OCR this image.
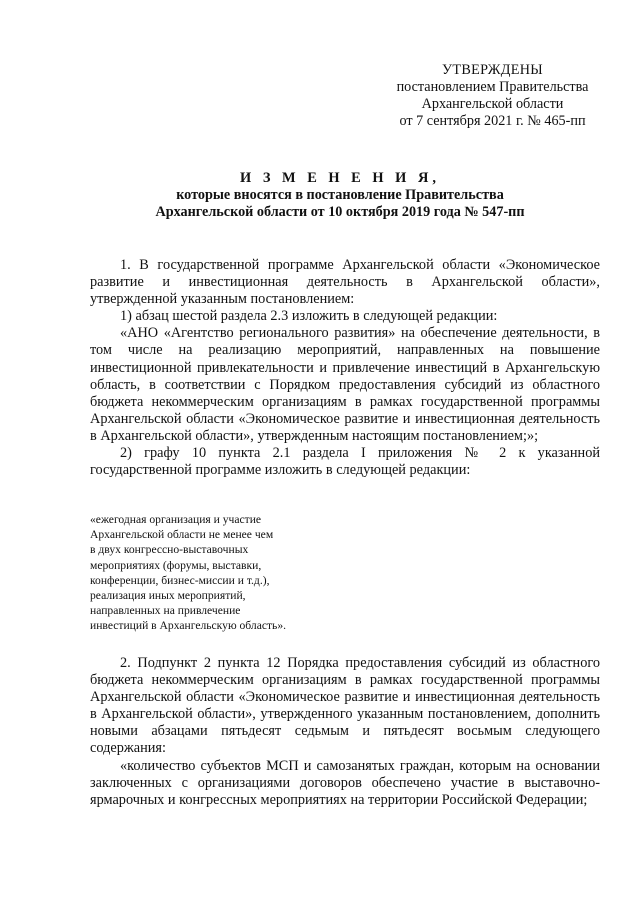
УТВЕРЖДЕНЫ
постановлением Правительства
Архангельской области
от 7 сентября 2021 г. № 465-пп
И З М Е Н Е Н И Я,
которые вносятся в постановление Правительства
Архангельской области от 10 октября 2019 года № 547-пп

1. В государственной программе Архангельской области «Экономическое развитие и инвестиционная деятельность в Архангельской области», утвержденной указанным постановлением:

1) абзац шестой раздела 2.3 изложить в следующей редакции:

«АНО «Агентство регионального развития» на обеспечение деятельности, в том числе на реализацию мероприятий, направленных на повышение инвестиционной привлекательности и привлечение инвестиций в Архангельскую область, в соответствии с Порядком предоставления субсидий из областного бюджета некоммерческим организациям в рамках государственной программы Архангельской области «Экономическое развитие и инвестиционная деятельность в Архангельской области», утвержденным настоящим постановлением;»;

2) графу 10 пункта 2.1 раздела I приложения № 2 к указанной государственной программе изложить в следующей редакции:

«ежегодная организация и участие
Архангельской области не менее чем
в двух конгрессно-выставочных
мероприятиях (форумы, выставки,
конференции, бизнес-миссии и т.д.),
реализация иных мероприятий,
направленных на привлечение
инвестиций в Архангельскую область».

2. Подпункт 2 пункта 12 Порядка предоставления субсидий из областного бюджета некоммерческим организациям в рамках государственной программы Архангельской области «Экономическое развитие и инвестиционная деятельность в Архангельской области», утвержденного указанным постановлением, дополнить новыми абзацами пятьдесят седьмым и пятьдесят восьмым следующего содержания:

«количество субъектов МСП и самозанятых граждан, которым на основании заключенных с организациями договоров обеспечено участие в выставочно-ярмарочных и конгрессных мероприятиях на территории Российской Федерации;
